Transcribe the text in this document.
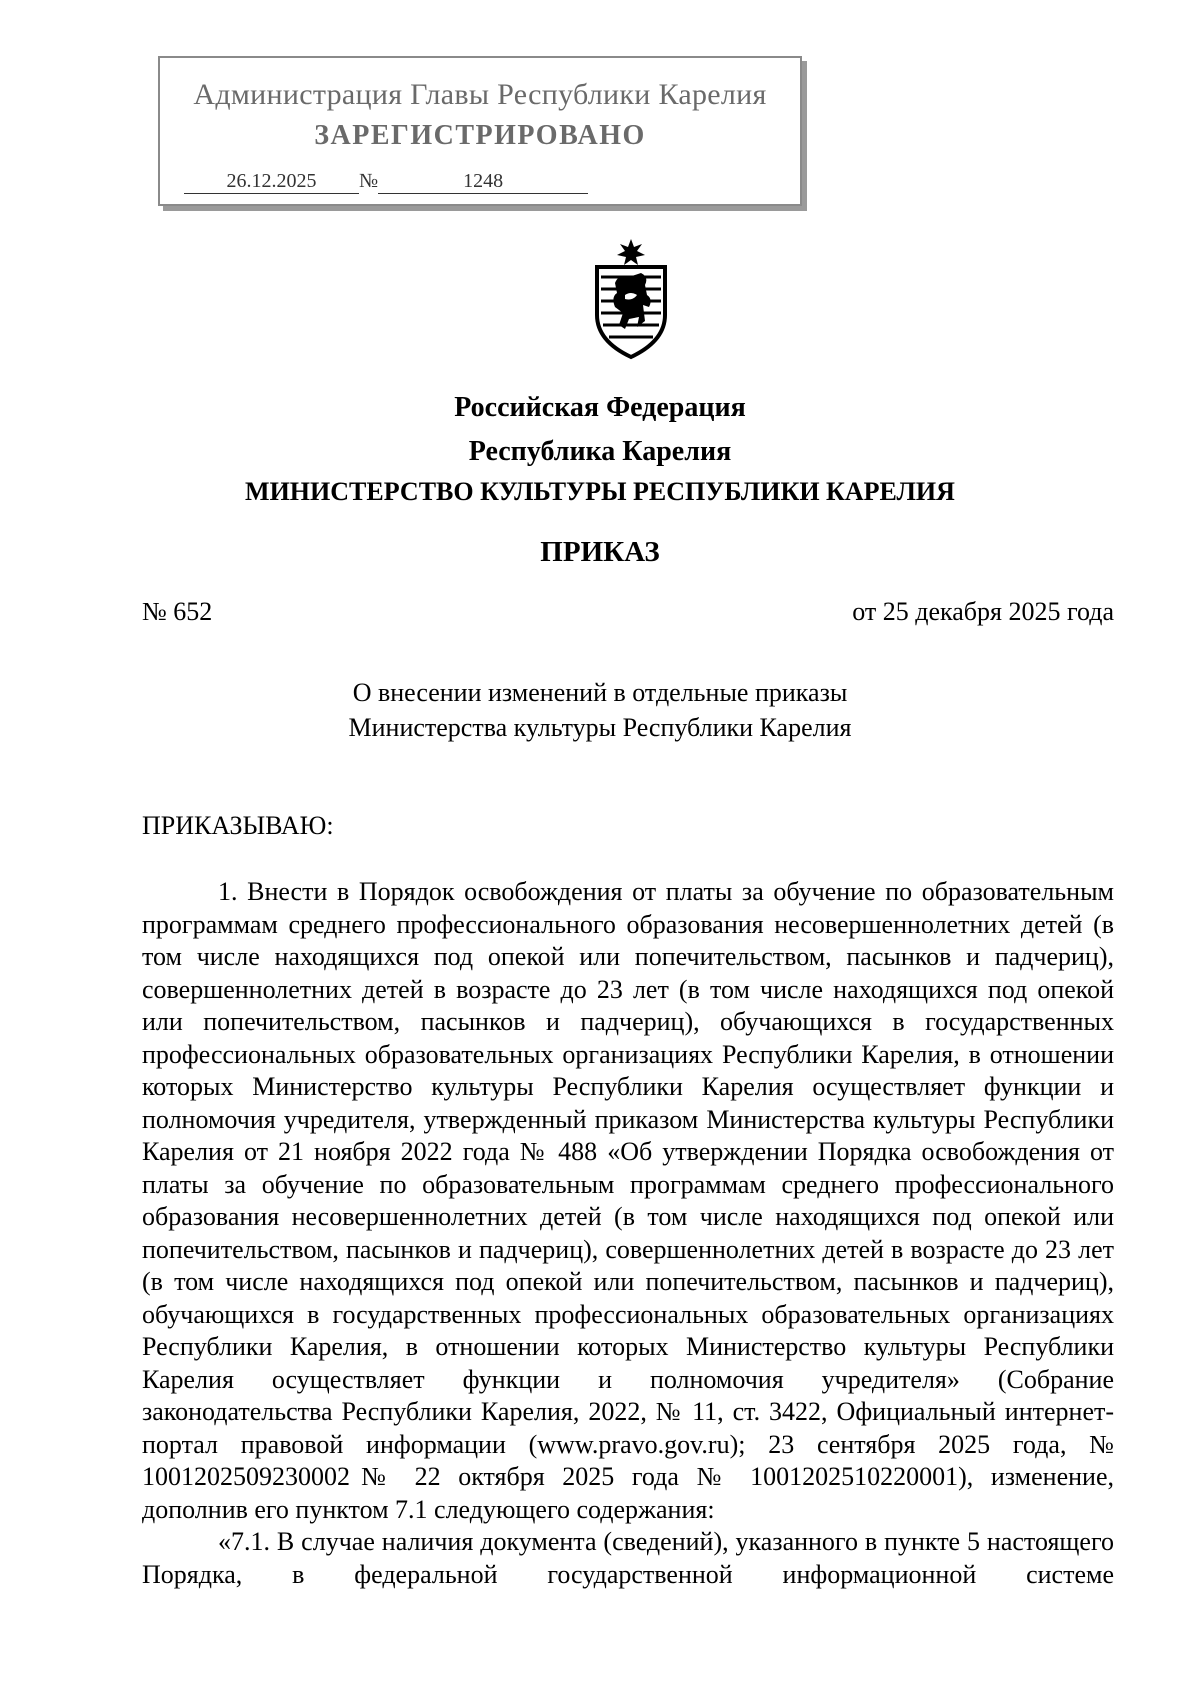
Администрация Главы Республики Карелия
ЗАРЕГИСТРИРОВАНО
26.12.2025 №	1248
Российская Федерация
Республика Карелия
МИНИСТЕРСТВО КУЛЬТУРЫ РЕСПУБЛИКИ КАРЕЛИЯ
ПРИКАЗ
№ 652	от 25 декабря 2025 года
О внесении изменений в отдельные приказы
Министерства культуры Республики Карелия
ПРИКАЗЫВАЮ:

1. Внести в Порядок освобождения от платы за обучение по образовательным программам среднего профессионального образования несовершеннолетних детей (в том числе находящихся под опекой или попечительством, пасынков и падчериц), совершеннолетних детей в возрасте до 23 лет (в том числе находящихся под опекой или попечительством, пасынков и падчериц), обучающихся в государственных профессиональных образовательных организациях Республики Карелия, в отношении которых Министерство культуры Республики Карелия осуществляет функции и полномочия учредителя, утвержденный приказом Министерства культуры Республики Карелия от 21 ноября 2022 года № 488 «Об утверждении Порядка освобождения от платы за обучение по образовательным программам среднего профессионального образования несовершеннолетних детей (в том числе находящихся под опекой или попечительством, пасынков и падчериц), совершеннолетних детей в возрасте до 23 лет (в том числе находящихся под опекой или попечительством, пасынков и падчериц), обучающихся в государственных профессиональных образовательных организациях Республики Карелия, в отношении которых Министерство культуры Республики Карелия осуществляет функции и полномочия учредителя» (Собрание законодательства Республики Карелия, 2022, № 11, ст. 3422, Официальный интернет-портал правовой информации (www.pravo.gov.ru); 23 сентября 2025 года, № 1001202509230002№ 22 октября 2025 года № 1001202510220001), изменение, дополнив его пунктом 7.1 следующего содержания:

«7.1. В случае наличия документа (сведений), указанного в пункте 5 настоящего Порядка, в федеральной государственной информационной системе
